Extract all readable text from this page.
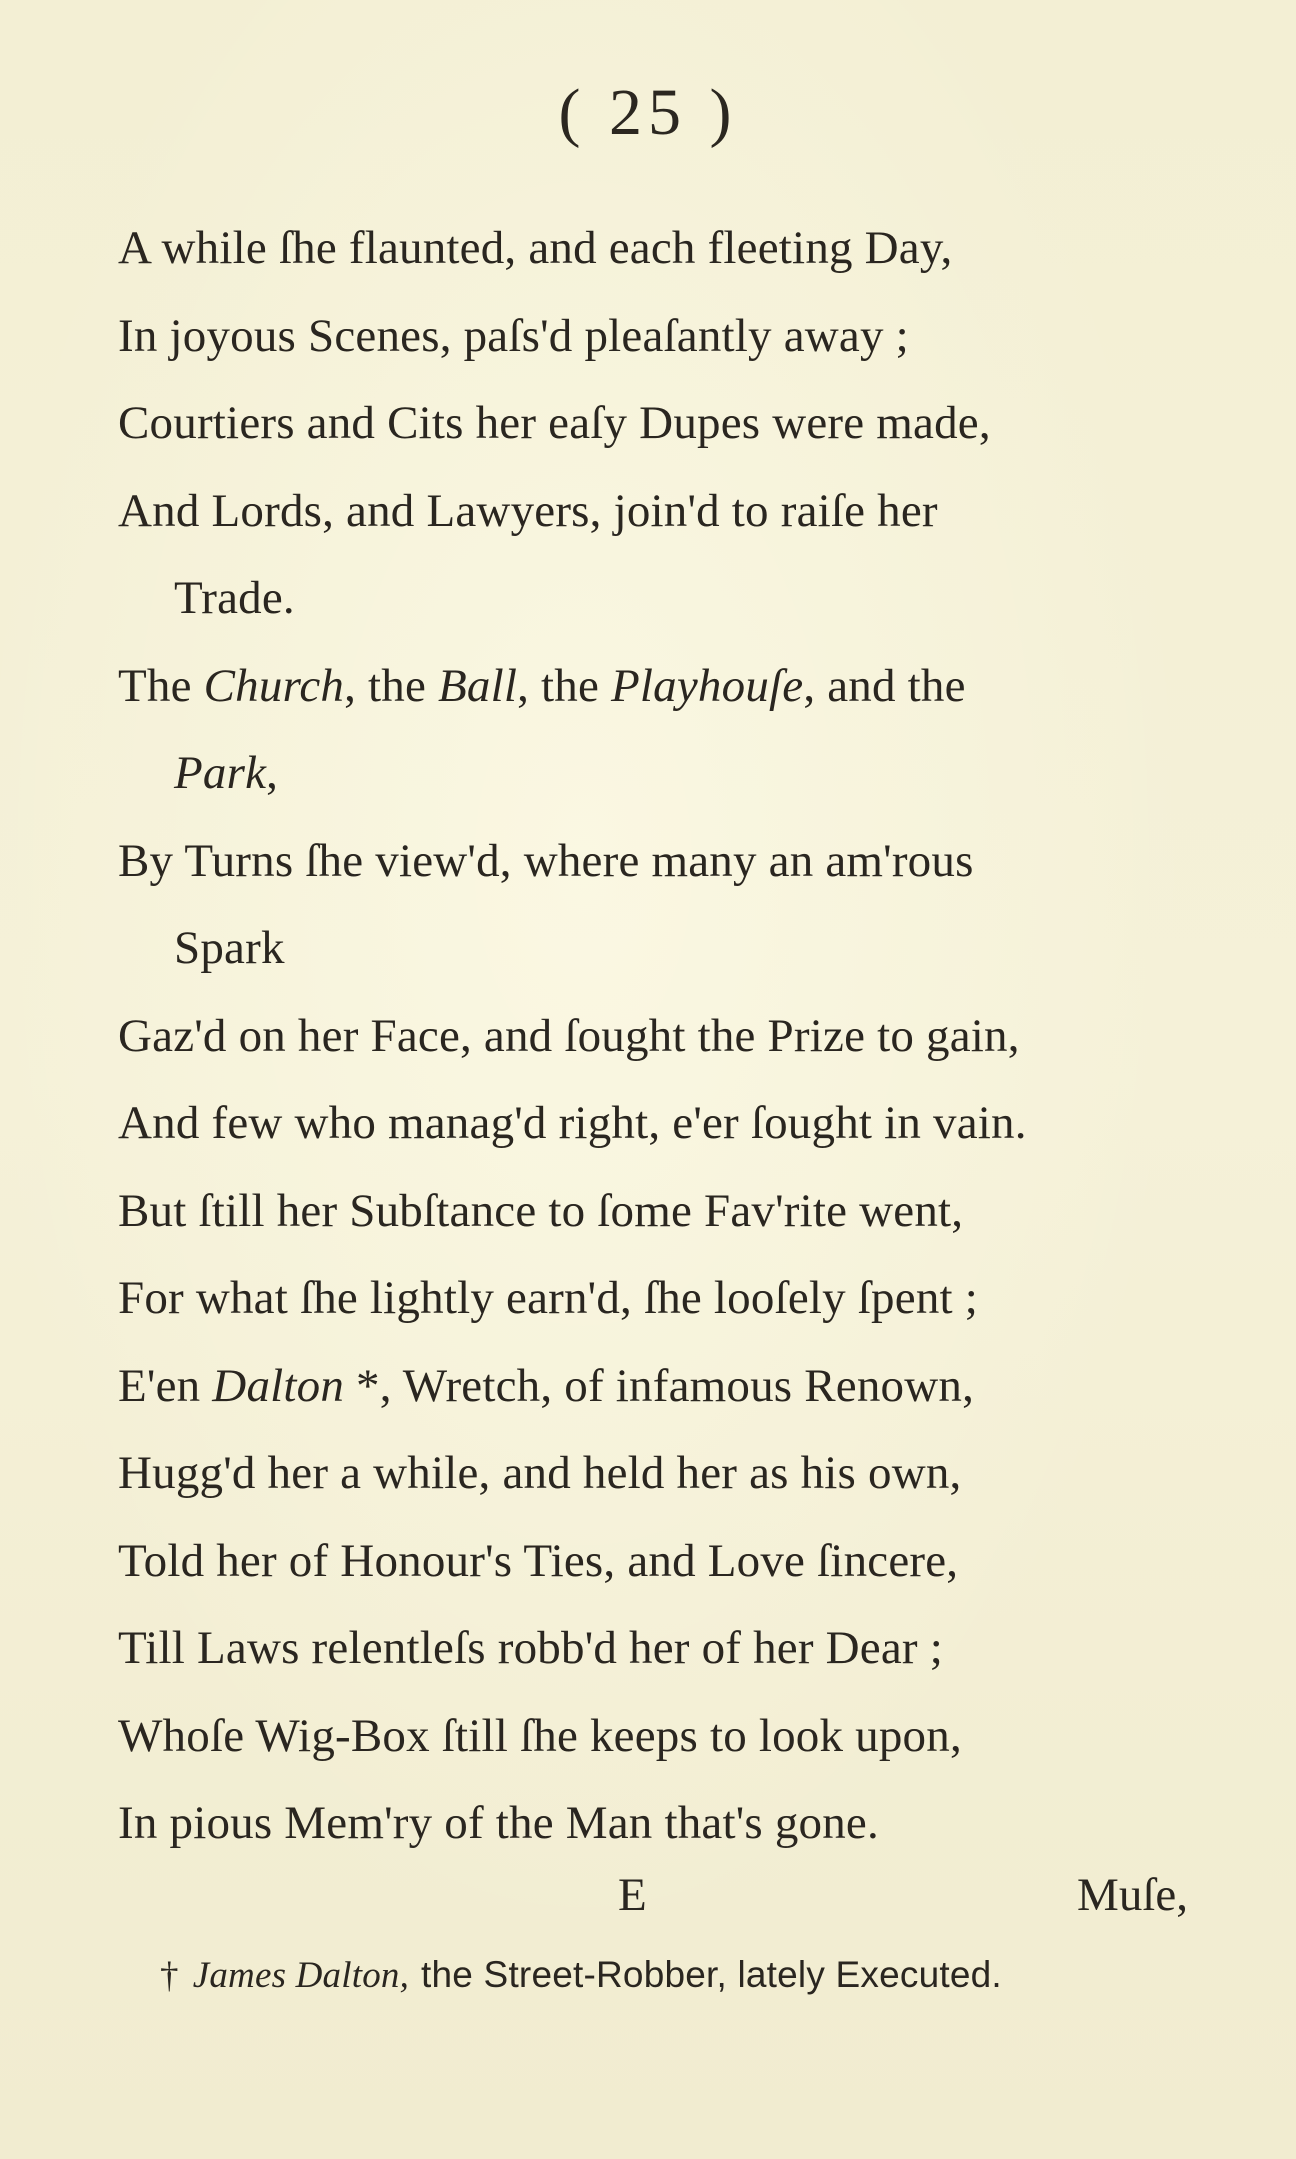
( 25 )
A while ſhe flaunted, and each fleeting Day,
In joyous Scenes, paſs'd pleaſantly away ;
Courtiers and Cits her eaſy Dupes were made,
And Lords, and Lawyers, join'd to raiſe her
Trade.
The Church, the Ball, the Playhouſe, and the
Park,
By Turns ſhe view'd, where many an am'rous
Spark
Gaz'd on her Face, and ſought the Prize to gain,
And few who manag'd right, e'er ſought in vain.
But ſtill her Subſtance to ſome Fav'rite went,
For what ſhe lightly earn'd, ſhe looſely ſpent ;
E'en Dalton *, Wretch, of infamous Renown,
Hugg'd her a while, and held her as his own,
Told her of Honour's Ties, and Love ſincere,
Till Laws relentleſs robb'd her of her Dear ;
Whoſe Wig-Box ſtill ſhe keeps to look upon,
In pious Mem'ry of the Man that's gone.
E	Muſe,
† James Dalton, the Street-Robber, lately Executed.
